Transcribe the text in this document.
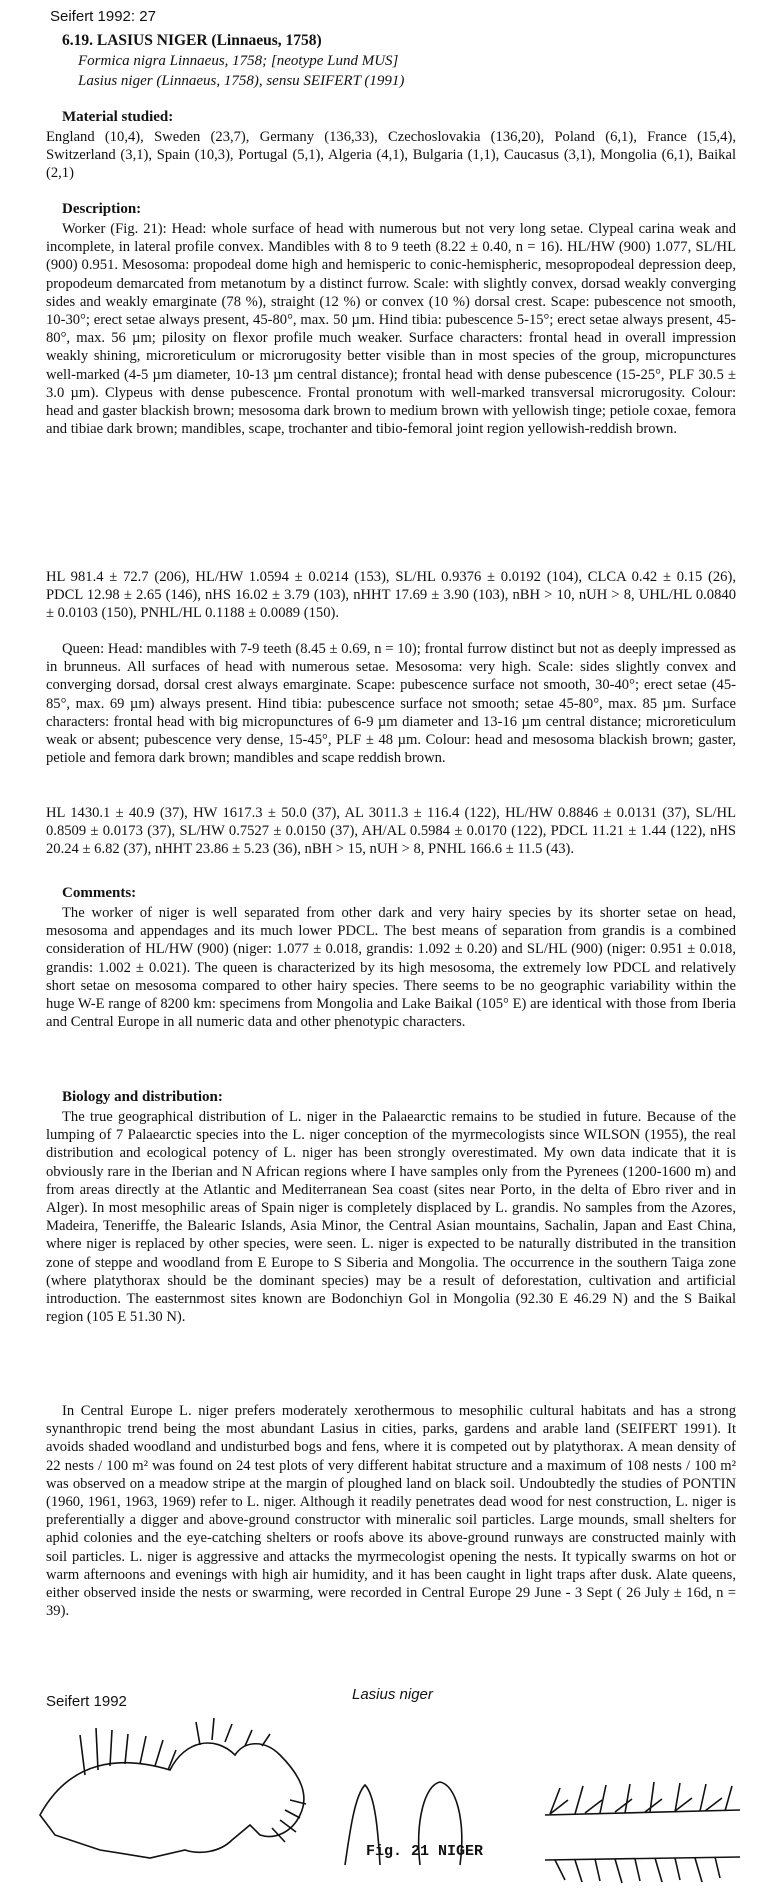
Seifert 1992: 27
6.19. LASIUS NIGER (Linnaeus, 1758)
Formica nigra Linnaeus, 1758; [neotype Lund MUS]
Lasius niger (Linnaeus, 1758), sensu SEIFERT (1991)
Material studied:
England (10,4), Sweden (23,7), Germany (136,33), Czechoslovakia (136,20), Poland (6,1), France (15,4), Switzerland (3,1), Spain (10,3), Portugal (5,1), Algeria (4,1), Bulgaria (1,1), Caucasus (3,1), Mongolia (6,1), Baikal (2,1)
Description:
Worker (Fig. 21): Head: whole surface of head with numerous but not very long setae. Clypeal carina weak and incomplete, in lateral profile convex. Mandibles with 8 to 9 teeth (8.22 ± 0.40, n = 16). HL/HW (900) 1.077, SL/HL (900) 0.951. Mesosoma: propodeal dome high and hemisperic to conic-hemispheric, mesopropodeal depression deep, propodeum demarcated from metanotum by a distinct furrow. Scale: with slightly convex, dorsad weakly converging sides and weakly emarginate (78 %), straight (12 %) or convex (10 %) dorsal crest. Scape: pubescence not smooth, 10-30°; erect setae always present, 45-80°, max. 50 µm. Hind tibia: pubescence 5-15°; erect setae always present, 45-80°, max. 56 µm; pilosity on flexor profile much weaker. Surface characters: frontal head in overall impression weakly shining, microreticulum or microrugosity better visible than in most species of the group, micropunctures well-marked (4-5 µm diameter, 10-13 µm central distance); frontal head with dense pubescence (15-25°, PLF 30.5 ± 3.0 µm). Clypeus with dense pubescence. Frontal pronotum with well-marked transversal microrugosity. Colour: head and gaster blackish brown; mesosoma dark brown to medium brown with yellowish tinge; petiole coxae, femora and tibiae dark brown; mandibles, scape, trochanter and tibio-femoral joint region yellowish-reddish brown.
HL 981.4 ± 72.7 (206), HL/HW 1.0594 ± 0.0214 (153), SL/HL 0.9376 ± 0.0192 (104), CLCA 0.42 ± 0.15 (26), PDCL 12.98 ± 2.65 (146), nHS 16.02 ± 3.79 (103), nHHT 17.69 ± 3.90 (103), nBH > 10, nUH > 8, UHL/HL 0.0840 ± 0.0103 (150), PNHL/HL 0.1188 ± 0.0089 (150).
Queen: Head: mandibles with 7-9 teeth (8.45 ± 0.69, n = 10); frontal furrow distinct but not as deeply impressed as in brunneus. All surfaces of head with numerous setae. Mesosoma: very high. Scale: sides slightly convex and converging dorsad, dorsal crest always emarginate. Scape: pubescence surface not smooth, 30-40°; erect setae (45-85°, max. 69 µm) always present. Hind tibia: pubescence surface not smooth; setae 45-80°, max. 85 µm. Surface characters: frontal head with big micropunctures of 6-9 µm diameter and 13-16 µm central distance; microreticulum weak or absent; pubescence very dense, 15-45°, PLF ± 48 µm. Colour: head and mesosoma blackish brown; gaster, petiole and femora dark brown; mandibles and scape reddish brown.
HL 1430.1 ± 40.9 (37), HW 1617.3 ± 50.0 (37), AL 3011.3 ± 116.4 (122), HL/HW 0.8846 ± 0.0131 (37), SL/HL 0.8509 ± 0.0173 (37), SL/HW 0.7527 ± 0.0150 (37), AH/AL 0.5984 ± 0.0170 (122), PDCL 11.21 ± 1.44 (122), nHS 20.24 ± 6.82 (37), nHHT 23.86 ± 5.23 (36), nBH > 15, nUH > 8, PNHL 166.6 ± 11.5 (43).
Comments:
The worker of niger is well separated from other dark and very hairy species by its shorter setae on head, mesosoma and appendages and its much lower PDCL. The best means of separation from grandis is a combined consideration of HL/HW (900) (niger: 1.077 ± 0.018, grandis: 1.092 ± 0.20) and SL/HL (900) (niger: 0.951 ± 0.018, grandis: 1.002 ± 0.021). The queen is characterized by its high mesosoma, the extremely low PDCL and relatively short setae on mesosoma compared to other hairy species. There seems to be no geographic variability within the huge W-E range of 8200 km: specimens from Mongolia and Lake Baikal (105° E) are identical with those from Iberia and Central Europe in all numeric data and other phenotypic characters.
Biology and distribution:
The true geographical distribution of L. niger in the Palaearctic remains to be studied in future. Because of the lumping of 7 Palaearctic species into the L. niger conception of the myrmecologists since WILSON (1955), the real distribution and ecological potency of L. niger has been strongly overestimated. My own data indicate that it is obviously rare in the Iberian and N African regions where I have samples only from the Pyrenees (1200-1600 m) and from areas directly at the Atlantic and Mediterranean Sea coast (sites near Porto, in the delta of Ebro river and in Alger). In most mesophilic areas of Spain niger is completely displaced by L. grandis. No samples from the Azores, Madeira, Teneriffe, the Balearic Islands, Asia Minor, the Central Asian mountains, Sachalin, Japan and East China, where niger is replaced by other species, were seen. L. niger is expected to be naturally distributed in the transition zone of steppe and woodland from E Europe to S Siberia and Mongolia. The occurrence in the southern Taiga zone (where platythorax should be the dominant species) may be a result of deforestation, cultivation and artificial introduction. The easternmost sites known are Bodonchiyn Gol in Mongolia (92.30 E 46.29 N) and the S Baikal region (105 E 51.30 N).
In Central Europe L. niger prefers moderately xerothermous to mesophilic cultural habitats and has a strong synanthropic trend being the most abundant Lasius in cities, parks, gardens and arable land (SEIFERT 1991). It avoids shaded woodland and undisturbed bogs and fens, where it is competed out by platythorax. A mean density of 22 nests / 100 m² was found on 24 test plots of very different habitat structure and a maximum of 108 nests / 100 m² was observed on a meadow stripe at the margin of ploughed land on black soil. Undoubtedly the studies of PONTIN (1960, 1961, 1963, 1969) refer to L. niger. Although it readily penetrates dead wood for nest construction, L. niger is preferentially a digger and above-ground constructor with mineralic soil particles. Large mounds, small shelters for aphid colonies and the eye-catching shelters or roofs above its above-ground runways are constructed mainly with soil particles. L. niger is aggressive and attacks the myrmecologist opening the nests. It typically swarms on hot or warm afternoons and evenings with high air humidity, and it has been caught in light traps after dusk. Alate queens, either observed inside the nests or swarming, were recorded in Central Europe 29 June - 3 Sept ( 26 July ± 16d, n = 39).
Seifert 1992	Lasius niger
Fig. 21 NIGER
